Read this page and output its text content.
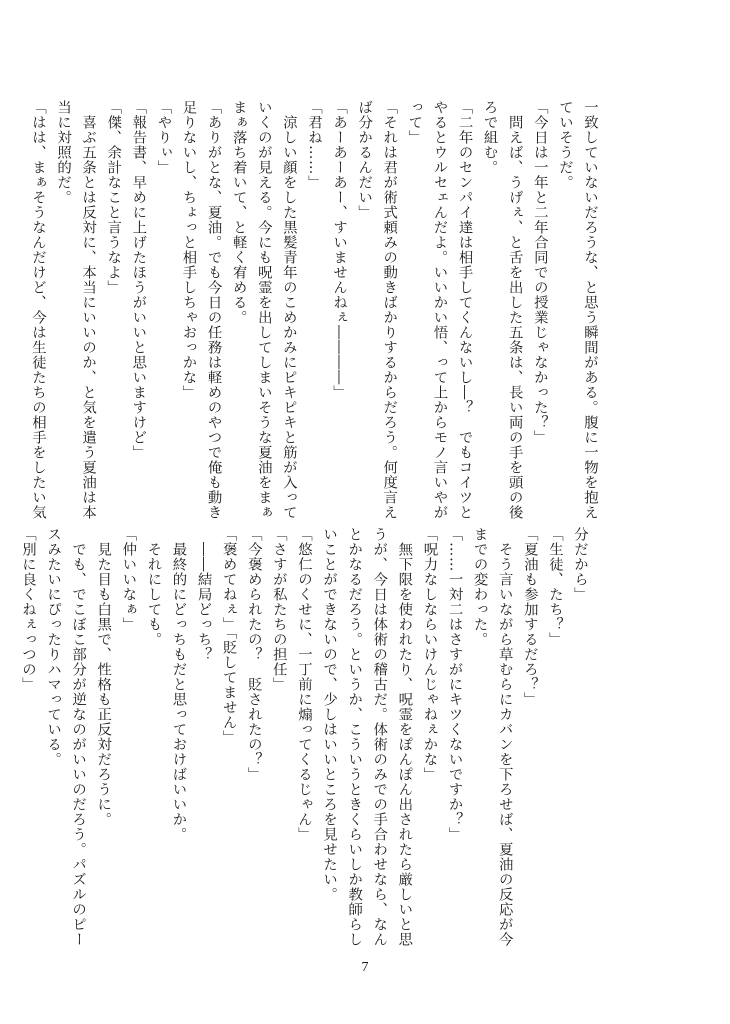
一致していないだろうな、と思う瞬間がある。腹に一物を抱え
ていそうだ。
「今日は一年と二年合同での授業じゃなかった？」
　問えば、うげぇ、と舌を出した五条は、長い両の手を頭の後
ろで組む。
「二年のセンパイ達は相手してくんないし―？　でもコイツと
やるとウルセェんだよ。いいかい悟、って上からモノ言いやが
って」
「それは君が術式頼みの動きばかりするからだろう。何度言え
ば分かるんだい」
「あーあーあー、すいませんねぇ――――」
「君ね……」
　涼しい顔をした黒髪青年のこめかみにピキピキと筋が入って
いくのが見える。今にも呪霊を出してしまいそうな夏油をまぁ
まぁ落ち着いて、と軽く宥める。
「ありがとな、夏油。でも今日の任務は軽めのやつで俺も動き
足りないし、ちょっと相手しちゃおっかな」
「やりぃ」
「報告書、早めに上げたほうがいいと思いますけど」
「傑、余計なこと言うなよ」
　喜ぶ五条とは反対に、本当にいいのか、と気を遣う夏油は本
当に対照的だ。
「はは、まぁそうなんだけど、今は生徒たちの相手をしたい気
分だから」
「生徒、たち？」
「夏油も参加するだろ？」
　そう言いながら草むらにカバンを下ろせば、夏油の反応が今
までの変わった。
「……一対二はさすがにキツくないですか？」
「呪力なしならいけんじゃねぇかな」
　無下限を使われたり、呪霊をぽんぽん出されたら厳しいと思
うが、今日は体術の稽古だ。体術のみでの手合わせなら、なん
とかなるだろう。というか、こういうときくらいしか教師らし
いことができないので、少しはいいところを見せたい。
「悠仁のくせに、一丁前に煽ってくるじゃん」
「さすが私たちの担任」
「今褒められたの？　貶されたの？」
「褒めてねぇ」「貶してません」
　――結局どっち？
　最終的にどっちもだと思っておけばいいか。
　それにしても。
「仲いいなぁ」
　見た目も白黒で、性格も正反対だろうに。
　でも、でこぼこ部分が逆なのがいいのだろう。パズルのピー
スみたいにぴったりハマっている。
「別に良くねぇっつの」
7
